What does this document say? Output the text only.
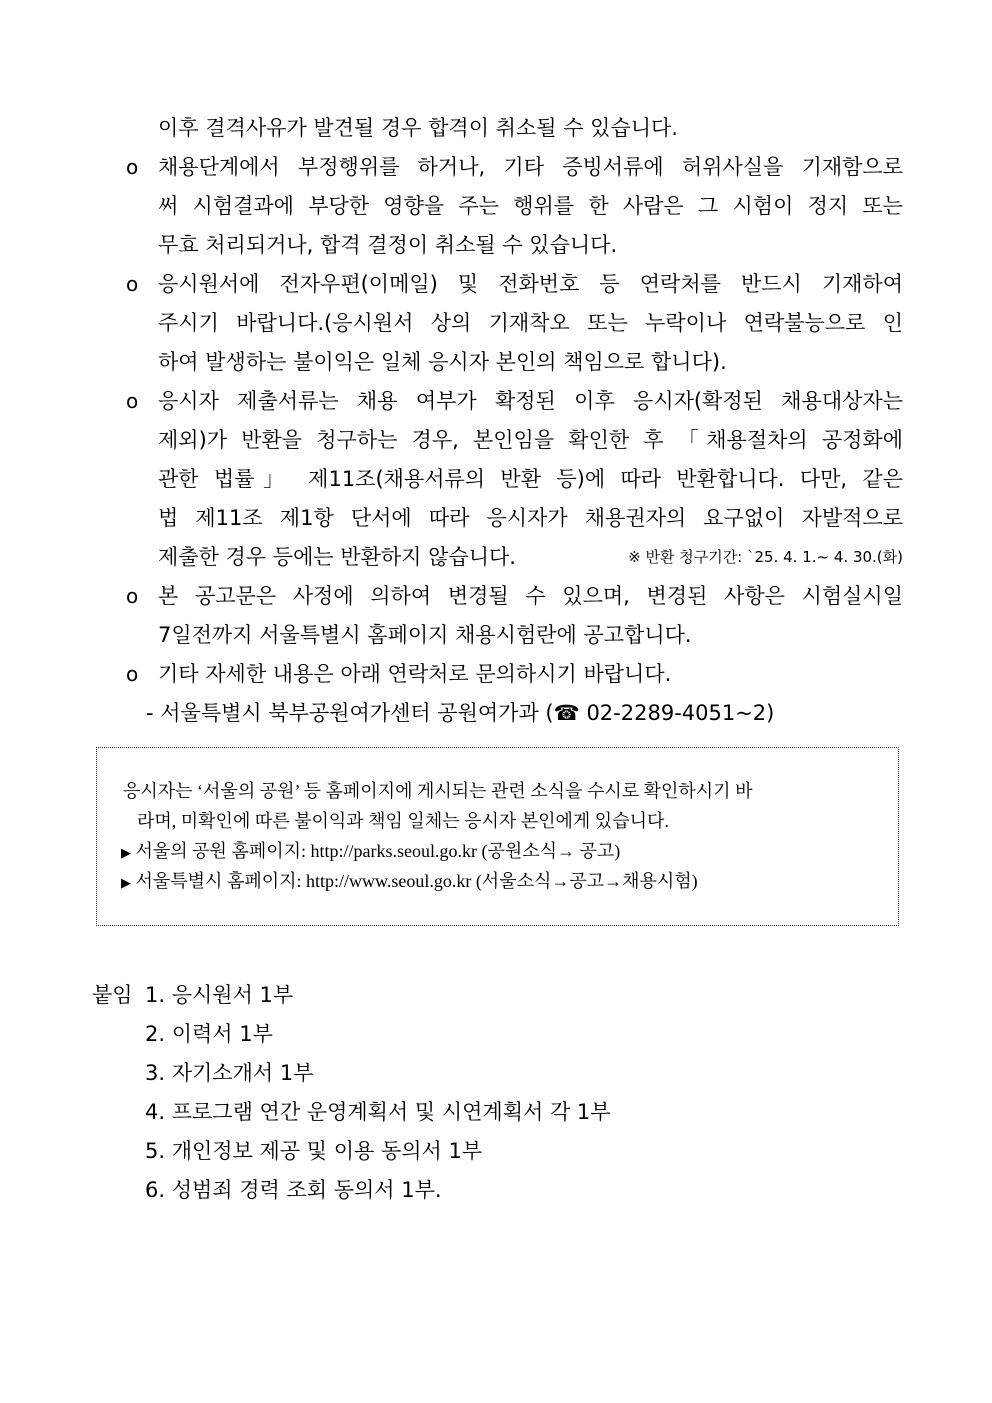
이후 결격사유가 발견될 경우 합격이 취소될 수 있습니다.
o 채용단계에서 부정행위를 하거나, 기타 증빙서류에 허위사실을 기재함으로
써 시험결과에 부당한 영향을 주는 행위를 한 사람은 그 시험이 정지 또는
무효 처리되거나, 합격 결정이 취소될 수 있습니다.
o 응시원서에 전자우편(이메일) 및 전화번호 등 연락처를 반드시 기재하여
주시기 바랍니다.(응시원서 상의 기재착오 또는 누락이나 연락불능으로 인
하여 발생하는 불이익은 일체 응시자 본인의 책임으로 합니다).
o 응시자 제출서류는 채용 여부가 확정된 이후 응시자(확정된 채용대상자는
제외)가 반환을 청구하는 경우, 본인임을 확인한 후 「채용절차의 공정화에
관한 법률」 제11조(채용서류의 반환 등)에 따라 반환합니다. 다만, 같은
법 제11조 제1항 단서에 따라 응시자가 채용권자의 요구없이 자발적으로
제출한 경우 등에는 반환하지 않습니다.	※ 반환 청구기간: `25. 4. 1.~ 4. 30.(화)
o 본 공고문은 사정에 의하여 변경될 수 있으며, 변경된 사항은 시험실시일
7일전까지 서울특별시 홈페이지 채용시험란에 공고합니다.
o 기타 자세한 내용은 아래 연락처로 문의하시기 바랍니다.
- 서울특별시 북부공원여가센터 공원여가과 (☎ 02-2289-4051~2)
응시자는 ‘서울의 공원’ 등 홈페이지에 게시되는 관련 소식을 수시로 확인하시기 바
라며, 미확인에 따른 불이익과 책임 일체는 응시자 본인에게 있습니다.
▶ 서울의 공원 홈페이지: http://parks.seoul.go.kr (공원소식→ 공고)
▶ 서울특별시 홈페이지: http://www.seoul.go.kr (서울소식→공고→채용시험)
붙임 1. 응시원서 1부
2. 이력서 1부
3. 자기소개서 1부
4. 프로그램 연간 운영계획서 및 시연계획서 각 1부
5. 개인정보 제공 및 이용 동의서 1부
6. 성범죄 경력 조회 동의서 1부.
